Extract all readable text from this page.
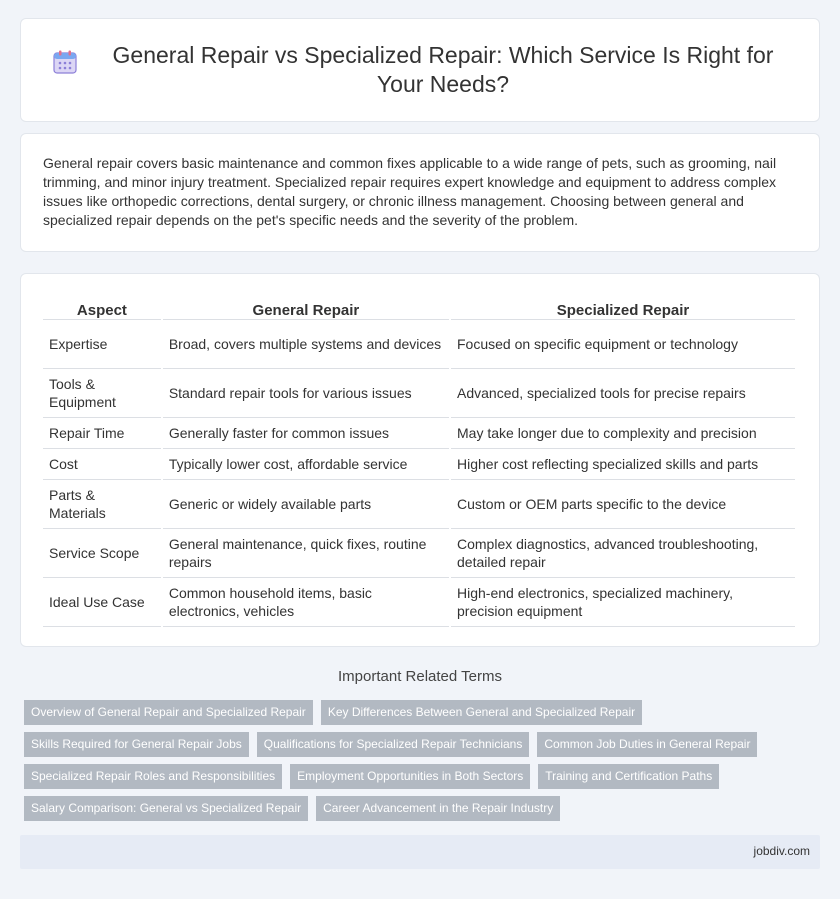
General Repair vs Specialized Repair: Which Service Is Right for Your Needs?

General repair covers basic maintenance and common fixes applicable to a wide range of pets, such as grooming, nail trimming, and minor injury treatment. Specialized repair requires expert knowledge and equipment to address complex issues like orthopedic corrections, dental surgery, or chronic illness management. Choosing between general and specialized repair depends on the pet's specific needs and the severity of the problem.

Aspect	General Repair	Specialized Repair
Expertise	Broad, covers multiple systems and devices	Focused on specific equipment or technology
Tools & Equipment	Standard repair tools for various issues	Advanced, specialized tools for precise repairs
Repair Time	Generally faster for common issues	May take longer due to complexity and precision
Cost	Typically lower cost, affordable service	Higher cost reflecting specialized skills and parts
Parts & Materials	Generic or widely available parts	Custom or OEM parts specific to the device
Service Scope	General maintenance, quick fixes, routine repairs	Complex diagnostics, advanced troubleshooting, detailed repair
Ideal Use Case	Common household items, basic electronics, vehicles	High-end electronics, specialized machinery, precision equipment
Important Related Terms
Overview of General Repair and Specialized Repair	Key Differences Between General and Specialized Repair
Skills Required for General Repair Jobs	Qualifications for Specialized Repair Technicians	Common Job Duties in General Repair
Specialized Repair Roles and Responsibilities	Employment Opportunities in Both Sectors	Training and Certification Paths
Salary Comparison: General vs Specialized Repair	Career Advancement in the Repair Industry
jobdiv.com
